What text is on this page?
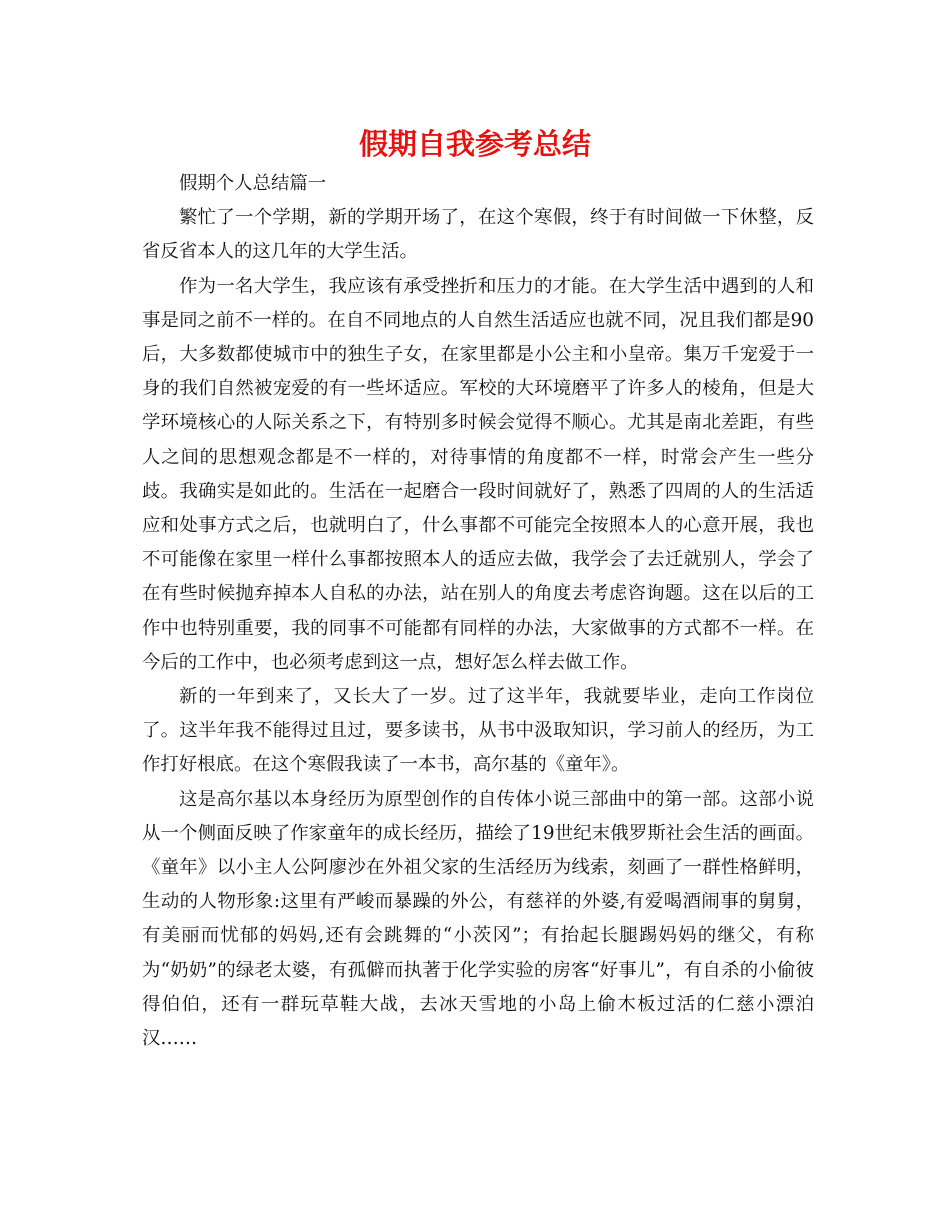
假期自我参考总结

假期个人总结篇一

繁忙了一个学期，新的学期开场了，在这个寒假，终于有时间做一下休整，反省反省本人的这几年的大学生活。

作为一名大学生，我应该有承受挫折和压力的才能。在大学生活中遇到的人和事是同之前不一样的。在自不同地点的人自然生活适应也就不同，况且我们都是90后，大多数都使城市中的独生子女，在家里都是小公主和小皇帝。集万千宠爱于一身的我们自然被宠爱的有一些坏适应。军校的大环境磨平了许多人的棱角，但是大学环境核心的人际关系之下，有特别多时候会觉得不顺心。尤其是南北差距，有些人之间的思想观念都是不一样的，对待事情的角度都不一样，时常会产生一些分歧。我确实是如此的。生活在一起磨合一段时间就好了，熟悉了四周的人的生活适应和处事方式之后，也就明白了，什么事都不可能完全按照本人的心意开展，我也不可能像在家里一样什么事都按照本人的适应去做，我学会了去迁就别人，学会了在有些时候抛弃掉本人自私的办法，站在别人的角度去考虑咨询题。这在以后的工作中也特别重要，我的同事不可能都有同样的办法，大家做事的方式都不一样。在今后的工作中，也必须考虑到这一点，想好怎么样去做工作。

新的一年到来了，又长大了一岁。过了这半年，我就要毕业，走向工作岗位了。这半年我不能得过且过，要多读书，从书中汲取知识，学习前人的经历，为工作打好根底。在这个寒假我读了一本书，高尔基的《童年》。

这是高尔基以本身经历为原型创作的自传体小说三部曲中的第一部。这部小说从一个侧面反映了作家童年的成长经历，描绘了19世纪末俄罗斯社会生活的画面。《童年》以小主人公阿廖沙在外祖父家的生活经历为线索，刻画了一群性格鲜明，生动的人物形象:这里有严峻而暴躁的外公，有慈祥的外婆,有爱喝酒闹事的舅舅，有美丽而忧郁的妈妈,还有会跳舞的“小茨冈”；有抬起长腿踢妈妈的继父，有称为“奶奶”的绿老太婆，有孤僻而执著于化学实验的房客“好事儿”，有自杀的小偷彼得伯伯，还有一群玩草鞋大战，去冰天雪地的小岛上偷木板过活的仁慈小漂泊汉……
